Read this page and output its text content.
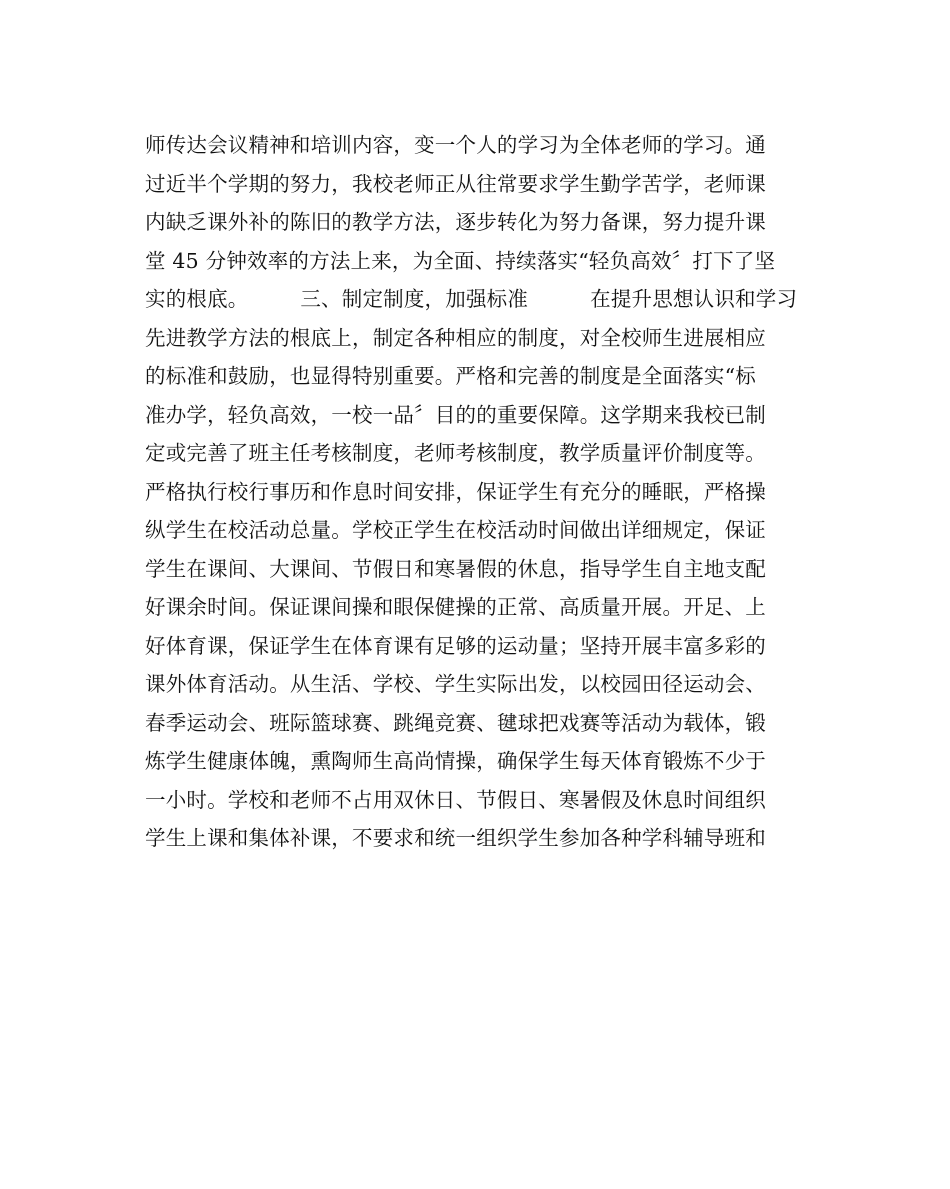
师传达会议精神和培训内容，变一个人的学习为全体老师的学习。通
过近半个学期的努力，我校老师正从往常要求学生勤学苦学，老师课
内缺乏课外补的陈旧的教学方法，逐步转化为努力备课，努力提升课
堂 45 分钟效率的方法上来，为全面、持续落实“轻负高效〞打下了坚
实的根底。　　　三、制定制度，加强标准　　　在提升思想认识和学习
先进教学方法的根底上，制定各种相应的制度，对全校师生进展相应
的标准和鼓励，也显得特别重要。严格和完善的制度是全面落实“标
准办学，轻负高效，一校一品〞目的的重要保障。这学期来我校已制
定或完善了班主任考核制度，老师考核制度，教学质量评价制度等。
严格执行校行事历和作息时间安排，保证学生有充分的睡眠，严格操
纵学生在校活动总量。学校正学生在校活动时间做出详细规定，保证
学生在课间、大课间、节假日和寒暑假的休息，指导学生自主地支配
好课余时间。保证课间操和眼保健操的正常、高质量开展。开足、上
好体育课，保证学生在体育课有足够的运动量；坚持开展丰富多彩的
课外体育活动。从生活、学校、学生实际出发，以校园田径运动会、
春季运动会、班际篮球赛、跳绳竞赛、毽球把戏赛等活动为载体，锻
炼学生健康体魄，熏陶师生高尚情操，确保学生每天体育锻炼不少于
一小时。学校和老师不占用双休日、节假日、寒暑假及休息时间组织
学生上课和集体补课，不要求和统一组织学生参加各种学科辅导班和
